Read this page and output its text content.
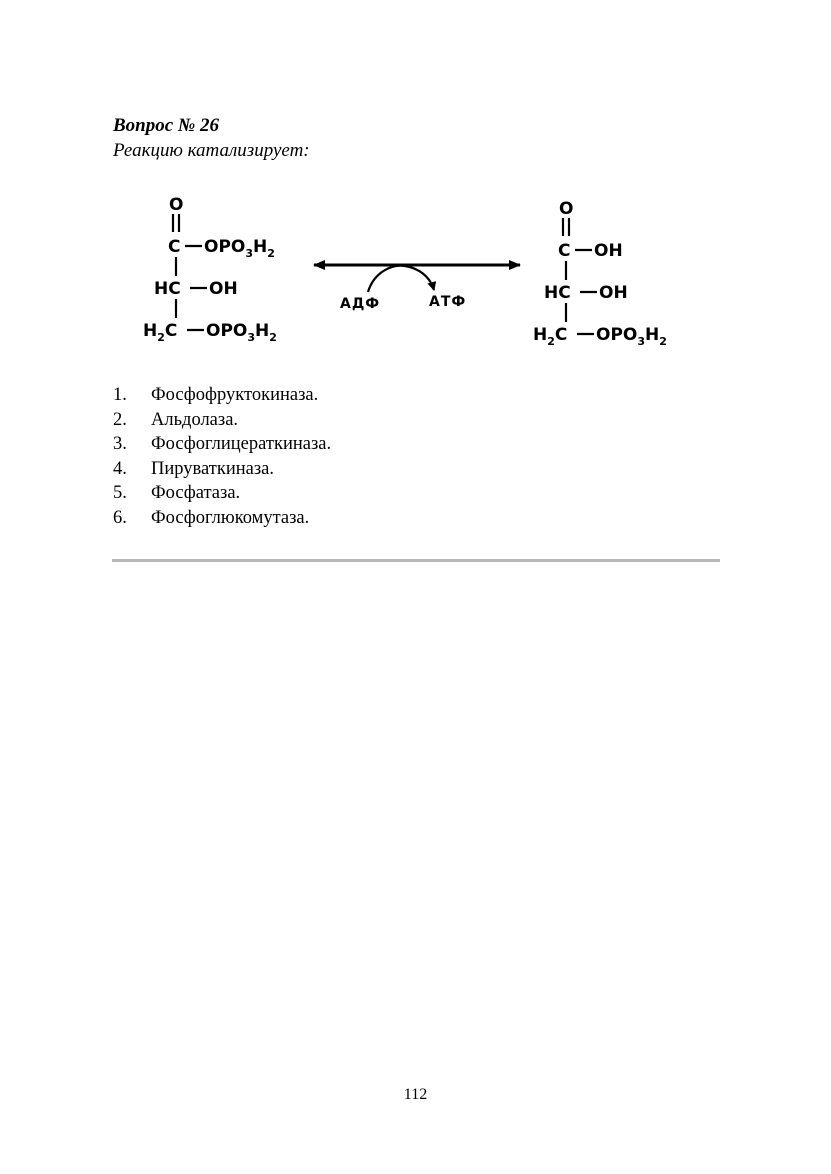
Вопрос № 26
Реакцию катализирует:
O
C $OPO_3H_2$
HC OH
$H_2C$ $OPO_3H_2$
АДФ	АТФ
O
C OH
HC OH
$H_2C$ $OPO_3H_2$
1. Фосфофруктокиназа.
2. Альдолаза.
3. Фосфоглицераткиназа.
4. Пируваткиназа.
5. Фосфатаза.
6. Фосфоглюкомутаза.
112
